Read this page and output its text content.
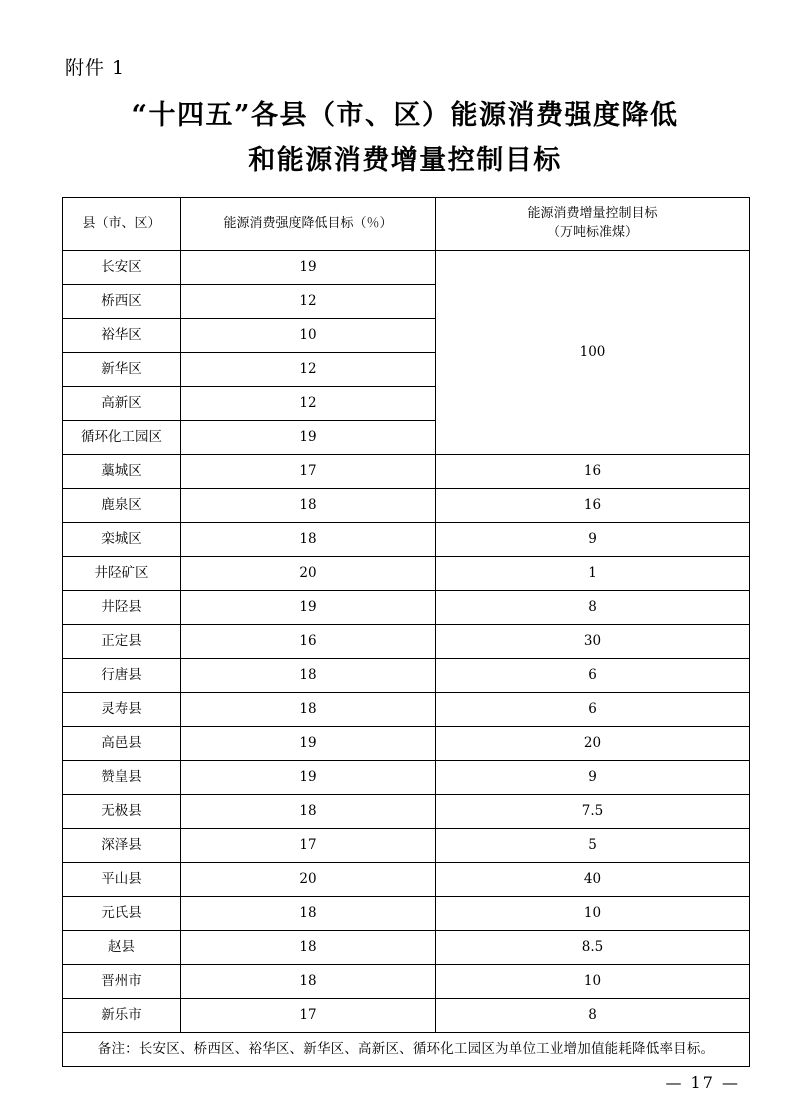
附件 1
“十四五”各县（市、区）能源消费强度降低
和能源消费增量控制目标
县（市、区）	能源消费强度降低目标（％）	能源消费增量控制目标
（万吨标准煤）

长安区	19	100
桥西区	12	
裕华区	10	
新华区	12	
高新区	12	
循环化工园区	19	
藁城区	17	16
鹿泉区	18	16
栾城区	18	9
井陉矿区	20	1
井陉县	19	8
正定县	16	30
行唐县	18	6
灵寿县	18	6
高邑县	19	20
赞皇县	19	9
无极县	18	7.5
深泽县	17	5
平山县	20	40
元氏县	18	10
赵县	18	8.5
晋州市	18	10
新乐市	17	8
备注：长安区、桥西区、裕华区、新华区、高新区、循环化工园区为单位工业增加值能耗降低率目标。		
— 17 —
